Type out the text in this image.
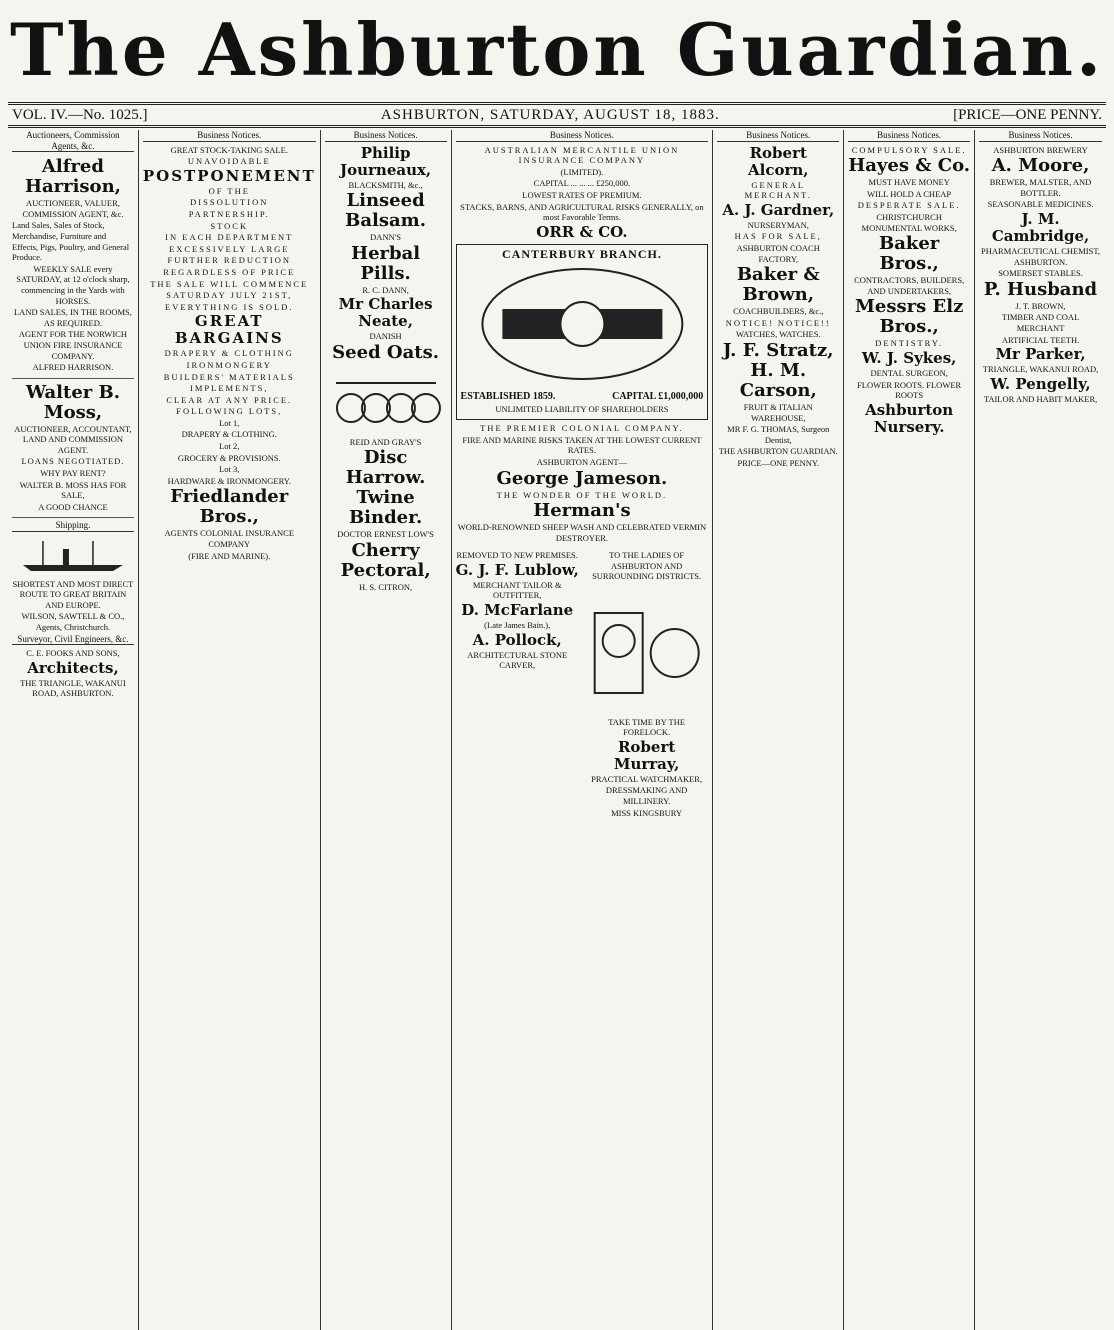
The Ashburton Guardian.
VOL. IV.—No. 1025.]	ASHBURTON, SATURDAY, AUGUST 18, 1883.	[PRICE—ONE PENNY.
Auctioneers, Commission Agents, &c.
Alfred Harrison,

AUCTIONEER, VALUER, COMMISSION AGENT, &c.

Land Sales, Sales of Stock, Merchandise, Furniture and Effects, Pigs, Poultry, and General Produce.

WEEKLY SALE every SATURDAY, at 12 o'clock sharp, commencing in the Yards with HORSES.

LAND SALES, IN THE ROOMS, AS REQUIRED.

AGENT FOR THE NORWICH UNION FIRE INSURANCE COMPANY.

ALFRED HARRISON.

Walter B. Moss,

AUCTIONEER, ACCOUNTANT, LAND AND COMMISSION AGENT.

LOANS NEGOTIATED.

WHY PAY RENT?

WALTER B. MOSS HAS FOR SALE,

A GOOD CHANCE

Shipping.

SHORTEST AND MOST DIRECT ROUTE TO GREAT BRITAIN AND EUROPE.

WILSON, SAWTELL & CO., Agents, Christchurch.

Surveyor, Civil Engineers, &c.

C. E. FOOKS AND SONS,

Architects,

THE TRIANGLE, WAKANUI ROAD, ASHBURTON.

Business Notices.

GREAT STOCK-TAKING SALE.

UNAVOIDABLE

POSTPONEMENT

OF THE

DISSOLUTION

PARTNERSHIP.

STOCK

IN EACH DEPARTMENT

EXCESSIVELY LARGE

FURTHER REDUCTION

REGARDLESS OF PRICE

THE SALE WILL COMMENCE

SATURDAY JULY 21ST,

EVERYTHING IS SOLD.

GREAT BARGAINS

DRAPERY & CLOTHING

IRONMONGERY

BUILDERS' MATERIALS

IMPLEMENTS,

CLEAR AT ANY PRICE.

FOLLOWING LOTS,

Lot 1,

DRAPERY & CLOTHING.

Lot 2,

GROCERY & PROVISIONS.

Lot 3,

HARDWARE & IRONMONGERY.

Friedlander Bros.,

AGENTS COLONIAL INSURANCE COMPANY

(FIRE AND MARINE).

Business Notices.
Philip Journeaux,

BLACKSMITH, &c.,

Linseed Balsam.

DANN'S

Herbal Pills.

R. C. DANN,

Mr Charles Neate,

DANISH

Seed Oats.

REID AND GRAY'S

Disc Harrow.
Twine Binder.

DOCTOR ERNEST LOW'S

Cherry Pectoral,

H. S. CITRON,

Business Notices.

AUSTRALIAN MERCANTILE UNION INSURANCE COMPANY

(LIMITED).

CAPITAL ... ... ... £250,000.

LOWEST RATES OF PREMIUM.

STACKS, BARNS, AND AGRICULTURAL RISKS GENERALLY, on most Favorable Terms.

ORR & CO.

CANTERBURY BRANCH.
ESTABLISHED 1859.	CAPITAL £1,000,000

UNLIMITED LIABILITY OF SHAREHOLDERS

THE PREMIER COLONIAL COMPANY.

FIRE AND MARINE RISKS TAKEN AT THE LOWEST CURRENT RATES.

ASHBURTON AGENT—

George Jameson.

THE WONDER OF THE WORLD.

Herman's

WORLD-RENOWNED SHEEP WASH AND CELEBRATED VERMIN DESTROYER.

REMOVED TO NEW PREMISES.

G. J. F. Lublow,

MERCHANT TAILOR & OUTFITTER,

D. McFarlane

(Late James Bain.),

A. Pollock,

ARCHITECTURAL STONE CARVER,

TO THE LADIES OF ASHBURTON AND SURROUNDING DISTRICTS.

TAKE TIME BY THE FORELOCK.

Robert Murray,

PRACTICAL WATCHMAKER,

DRESSMAKING AND MILLINERY.

MISS KINGSBURY

Business Notices.
Robert Alcorn,

GENERAL MERCHANT.

A. J. Gardner,

NURSERYMAN,

HAS FOR SALE,

ASHBURTON COACH FACTORY,

Baker & Brown,

COACHBUILDERS, &c.,

NOTICE! NOTICE!!

WATCHES, WATCHES.

J. F. Stratz,
H. M. Carson,

FRUIT & ITALIAN WAREHOUSE,

MR F. G. THOMAS, Surgeon Dentist,

THE ASHBURTON GUARDIAN.

PRICE—ONE PENNY.

Business Notices.

COMPULSORY SALE.

Hayes & Co.

MUST HAVE MONEY

WILL HOLD A CHEAP

DESPERATE SALE.

CHRISTCHURCH MONUMENTAL WORKS,

Baker Bros.,

CONTRACTORS, BUILDERS, AND UNDERTAKERS,

Messrs Elz Bros.,

DENTISTRY.

W. J. Sykes,

DENTAL SURGEON,

FLOWER ROOTS. FLOWER ROOTS

Ashburton Nursery.
Business Notices.

ASHBURTON BREWERY

A. Moore,

BREWER, MALSTER, AND BOTTLER.

SEASONABLE MEDICINES.

J. M. Cambridge,

PHARMACEUTICAL CHEMIST, ASHBURTON.

SOMERSET STABLES.

P. Husband

J. T. BROWN,

TIMBER AND COAL MERCHANT

ARTIFICIAL TEETH.

Mr Parker,

TRIANGLE, WAKANUI ROAD,

W. Pengelly,

TAILOR AND HABIT MAKER,
